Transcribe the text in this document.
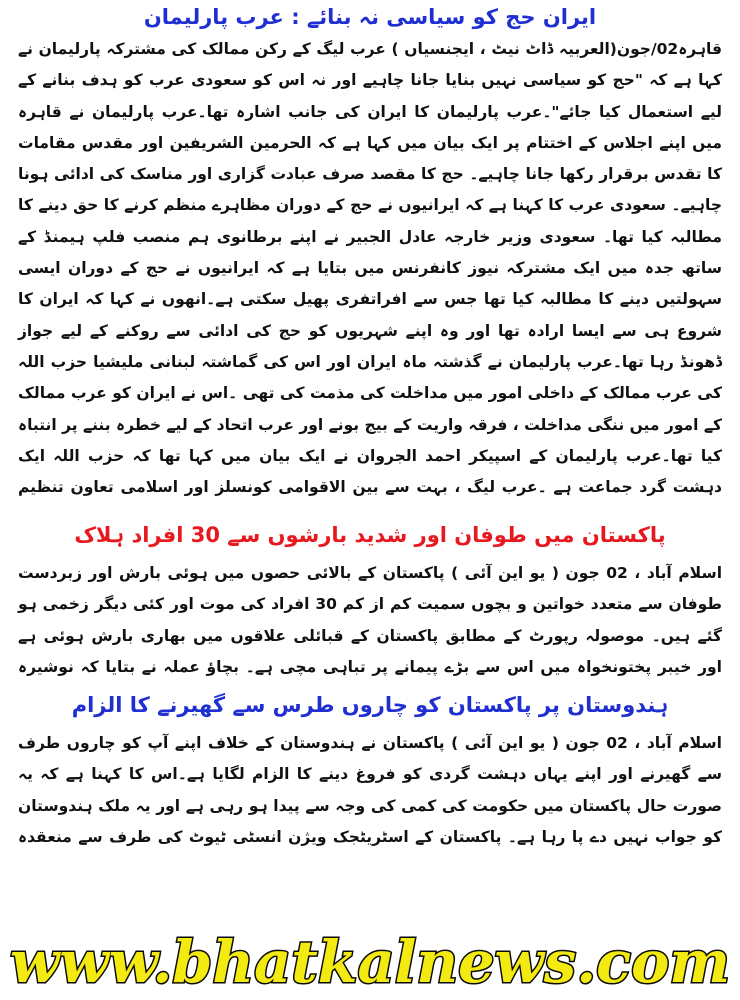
ایران حج کو سیاسی نہ بنائے : عرب پارلیمان

قاہرہ02/جون(العربیہ ڈاٹ نیٹ ، ایجنسیاں ) عرب لیگ کے رکن ممالک کی مشترکہ پارلیمان نے کہا ہے کہ "حج کو سیاسی نہیں بنایا جانا چاہیے اور نہ اس کو سعودی عرب کو ہدف بنانے کے لیے استعمال کیا جائے"۔عرب پارلیمان کا ایران کی جانب اشارہ تھا۔عرب پارلیمان نے قاہرہ میں اپنے اجلاس کے اختتام پر ایک بیان میں کہا ہے کہ الحرمین الشریفین اور مقدس مقامات کا تقدس برقرار رکھا جانا چاہیے۔ حج کا مقصد صرف عبادت گزاری اور مناسک کی ادائی ہونا چاہیے۔ سعودی عرب کا کہنا ہے کہ ایرانیوں نے حج کے دوران مظاہرے منظم کرنے کا حق دینے کا مطالبہ کیا تھا۔ سعودی وزیر خارجہ عادل الجبیر نے اپنے برطانوی ہم منصب فلپ ہیمنڈ کے ساتھ جدہ میں ایک مشترکہ نیوز کانفرنس میں بتایا ہے کہ ایرانیوں نے حج کے دوران ایسی سہولتیں دینے کا مطالبہ کیا تھا جس سے افراتفری پھیل سکتی ہے۔انھوں نے کہا کہ ایران کا شروع ہی سے ایسا ارادہ تھا اور وہ اپنے شہریوں کو حج کی ادائی سے روکنے کے لیے جواز ڈھونڈ رہا تھا۔عرب پارلیمان نے گذشتہ ماہ ایران اور اس کی گماشتہ لبنانی ملیشیا حزب اللہ کی عرب ممالک کے داخلی امور میں مداخلت کی مذمت کی تھی ۔اس نے ایران کو عرب ممالک کے امور میں ننگی مداخلت ، فرقہ واریت کے بیج بونے اور عرب اتحاد کے لیے خطرہ بننے پر انتباہ کیا تھا۔عرب پارلیمان کے اسپیکر احمد الجروان نے ایک بیان میں کہا تھا کہ حزب اللہ ایک دہشت گرد جماعت ہے ۔عرب لیگ ، بہت سے بین الاقوامی کونسلز اور اسلامی تعاون تنظیم

پاکستان میں طوفان اور شدید بارشوں سے 30 افراد ہلاک

اسلام آباد ، 02 جون ( یو این آئی ) پاکستان کے بالائی حصوں میں ہوئی بارش اور زبردست طوفان سے متعدد خواتین و بچوں سمیت کم از کم 30 افراد کی موت اور کئی دیگر زخمی ہو گئے ہیں۔ موصولہ رپورٹ کے مطابق پاکستان کے قبائلی علاقوں میں بھاری بارش ہوئی ہے اور خیبر پختونخواہ میں اس سے بڑے پیمانے پر تباہی مچی ہے۔ بچاؤ عملہ نے بتایا کہ نوشیرہ

ہندوستان پر پاکستان کو چاروں طرس سے گھیرنے کا الزام

اسلام آباد ، 02 جون ( یو این آئی ) پاکستان نے ہندوستان کے خلاف اپنے آپ کو چاروں طرف سے گھیرنے اور اپنے یہاں دہشت گردی کو فروغ دینے کا الزام لگایا ہے۔اس کا کہنا ہے کہ یہ صورت حال پاکستان میں حکومت کی کمی کی وجہ سے پیدا ہو رہی ہے اور یہ ملک ہندوستان کو جواب نہیں دے پا رہا ہے۔ پاکستان کے اسٹریٹجک ویژن انسٹی ٹیوٹ کی طرف سے منعقدہ

www.bhatkalnews.com
